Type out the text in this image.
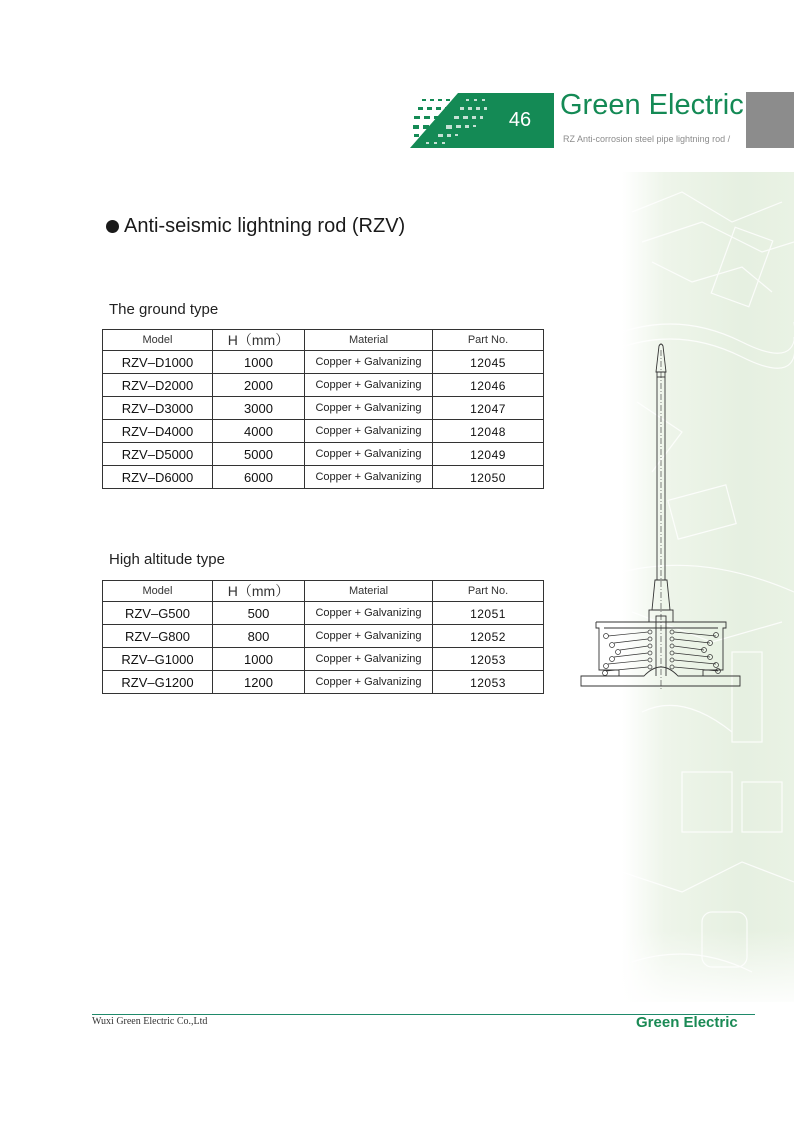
46 Green Electric
RZ Anti-corrosion steel pipe lightning rod /
Anti-seismic lightning rod (RZV)
The ground type
Model	H（mm）	Material	Part No.
RZV–D1000	1000	Copper + Galvanizing	12045
RZV–D2000	2000	Copper + Galvanizing	12046
RZV–D3000	3000	Copper + Galvanizing	12047
RZV–D4000	4000	Copper + Galvanizing	12048
RZV–D5000	5000	Copper + Galvanizing	12049
RZV–D6000	6000	Copper + Galvanizing	12050
High altitude type
Model	H（mm）	Material	Part No.
RZV–G500	500	Copper + Galvanizing	12051
RZV–G800	800	Copper + Galvanizing	12052
RZV–G1000	1000	Copper + Galvanizing	12053
RZV–G1200	1200	Copper + Galvanizing	12053
Wuxi Green Electric Co.,Ltd	Green Electric
